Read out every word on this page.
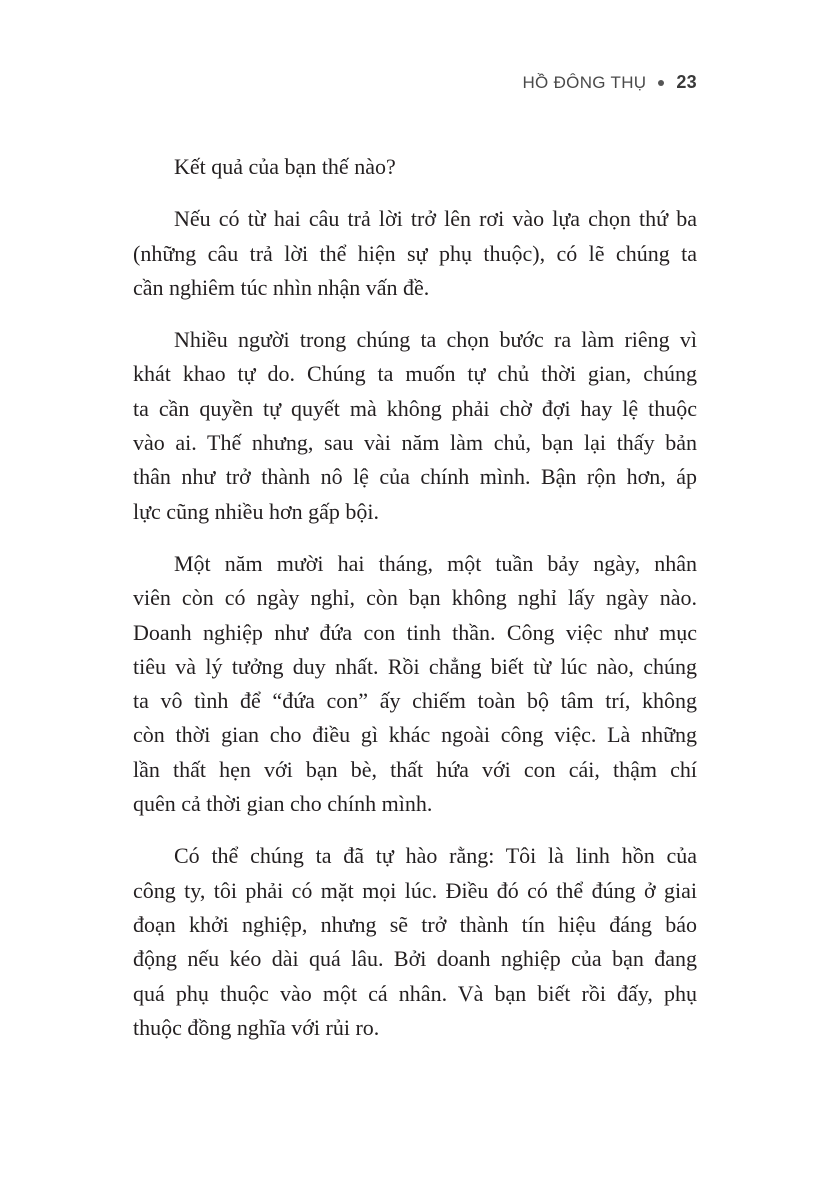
HỒ ĐÔNG THỤ 23
Kết quả của bạn thế nào?
Nếu có từ hai câu trả lời trở lên rơi vào lựa chọn thứ ba
(những câu trả lời thể hiện sự phụ thuộc), có lẽ chúng ta
cần nghiêm túc nhìn nhận vấn đề.
Nhiều người trong chúng ta chọn bước ra làm riêng vì
khát khao tự do. Chúng ta muốn tự chủ thời gian, chúng
ta cần quyền tự quyết mà không phải chờ đợi hay lệ thuộc
vào ai. Thế nhưng, sau vài năm làm chủ, bạn lại thấy bản
thân như trở thành nô lệ của chính mình. Bận rộn hơn, áp
lực cũng nhiều hơn gấp bội.
Một năm mười hai tháng, một tuần bảy ngày, nhân
viên còn có ngày nghỉ, còn bạn không nghỉ lấy ngày nào.
Doanh nghiệp như đứa con tinh thần. Công việc như mục
tiêu và lý tưởng duy nhất. Rồi chẳng biết từ lúc nào, chúng
ta vô tình để “đứa con” ấy chiếm toàn bộ tâm trí, không
còn thời gian cho điều gì khác ngoài công việc. Là những
lần thất hẹn với bạn bè, thất hứa với con cái, thậm chí
quên cả thời gian cho chính mình.
Có thể chúng ta đã tự hào rằng: Tôi là linh hồn của
công ty, tôi phải có mặt mọi lúc. Điều đó có thể đúng ở giai
đoạn khởi nghiệp, nhưng sẽ trở thành tín hiệu đáng báo
động nếu kéo dài quá lâu. Bởi doanh nghiệp của bạn đang
quá phụ thuộc vào một cá nhân. Và bạn biết rồi đấy, phụ
thuộc đồng nghĩa với rủi ro.
